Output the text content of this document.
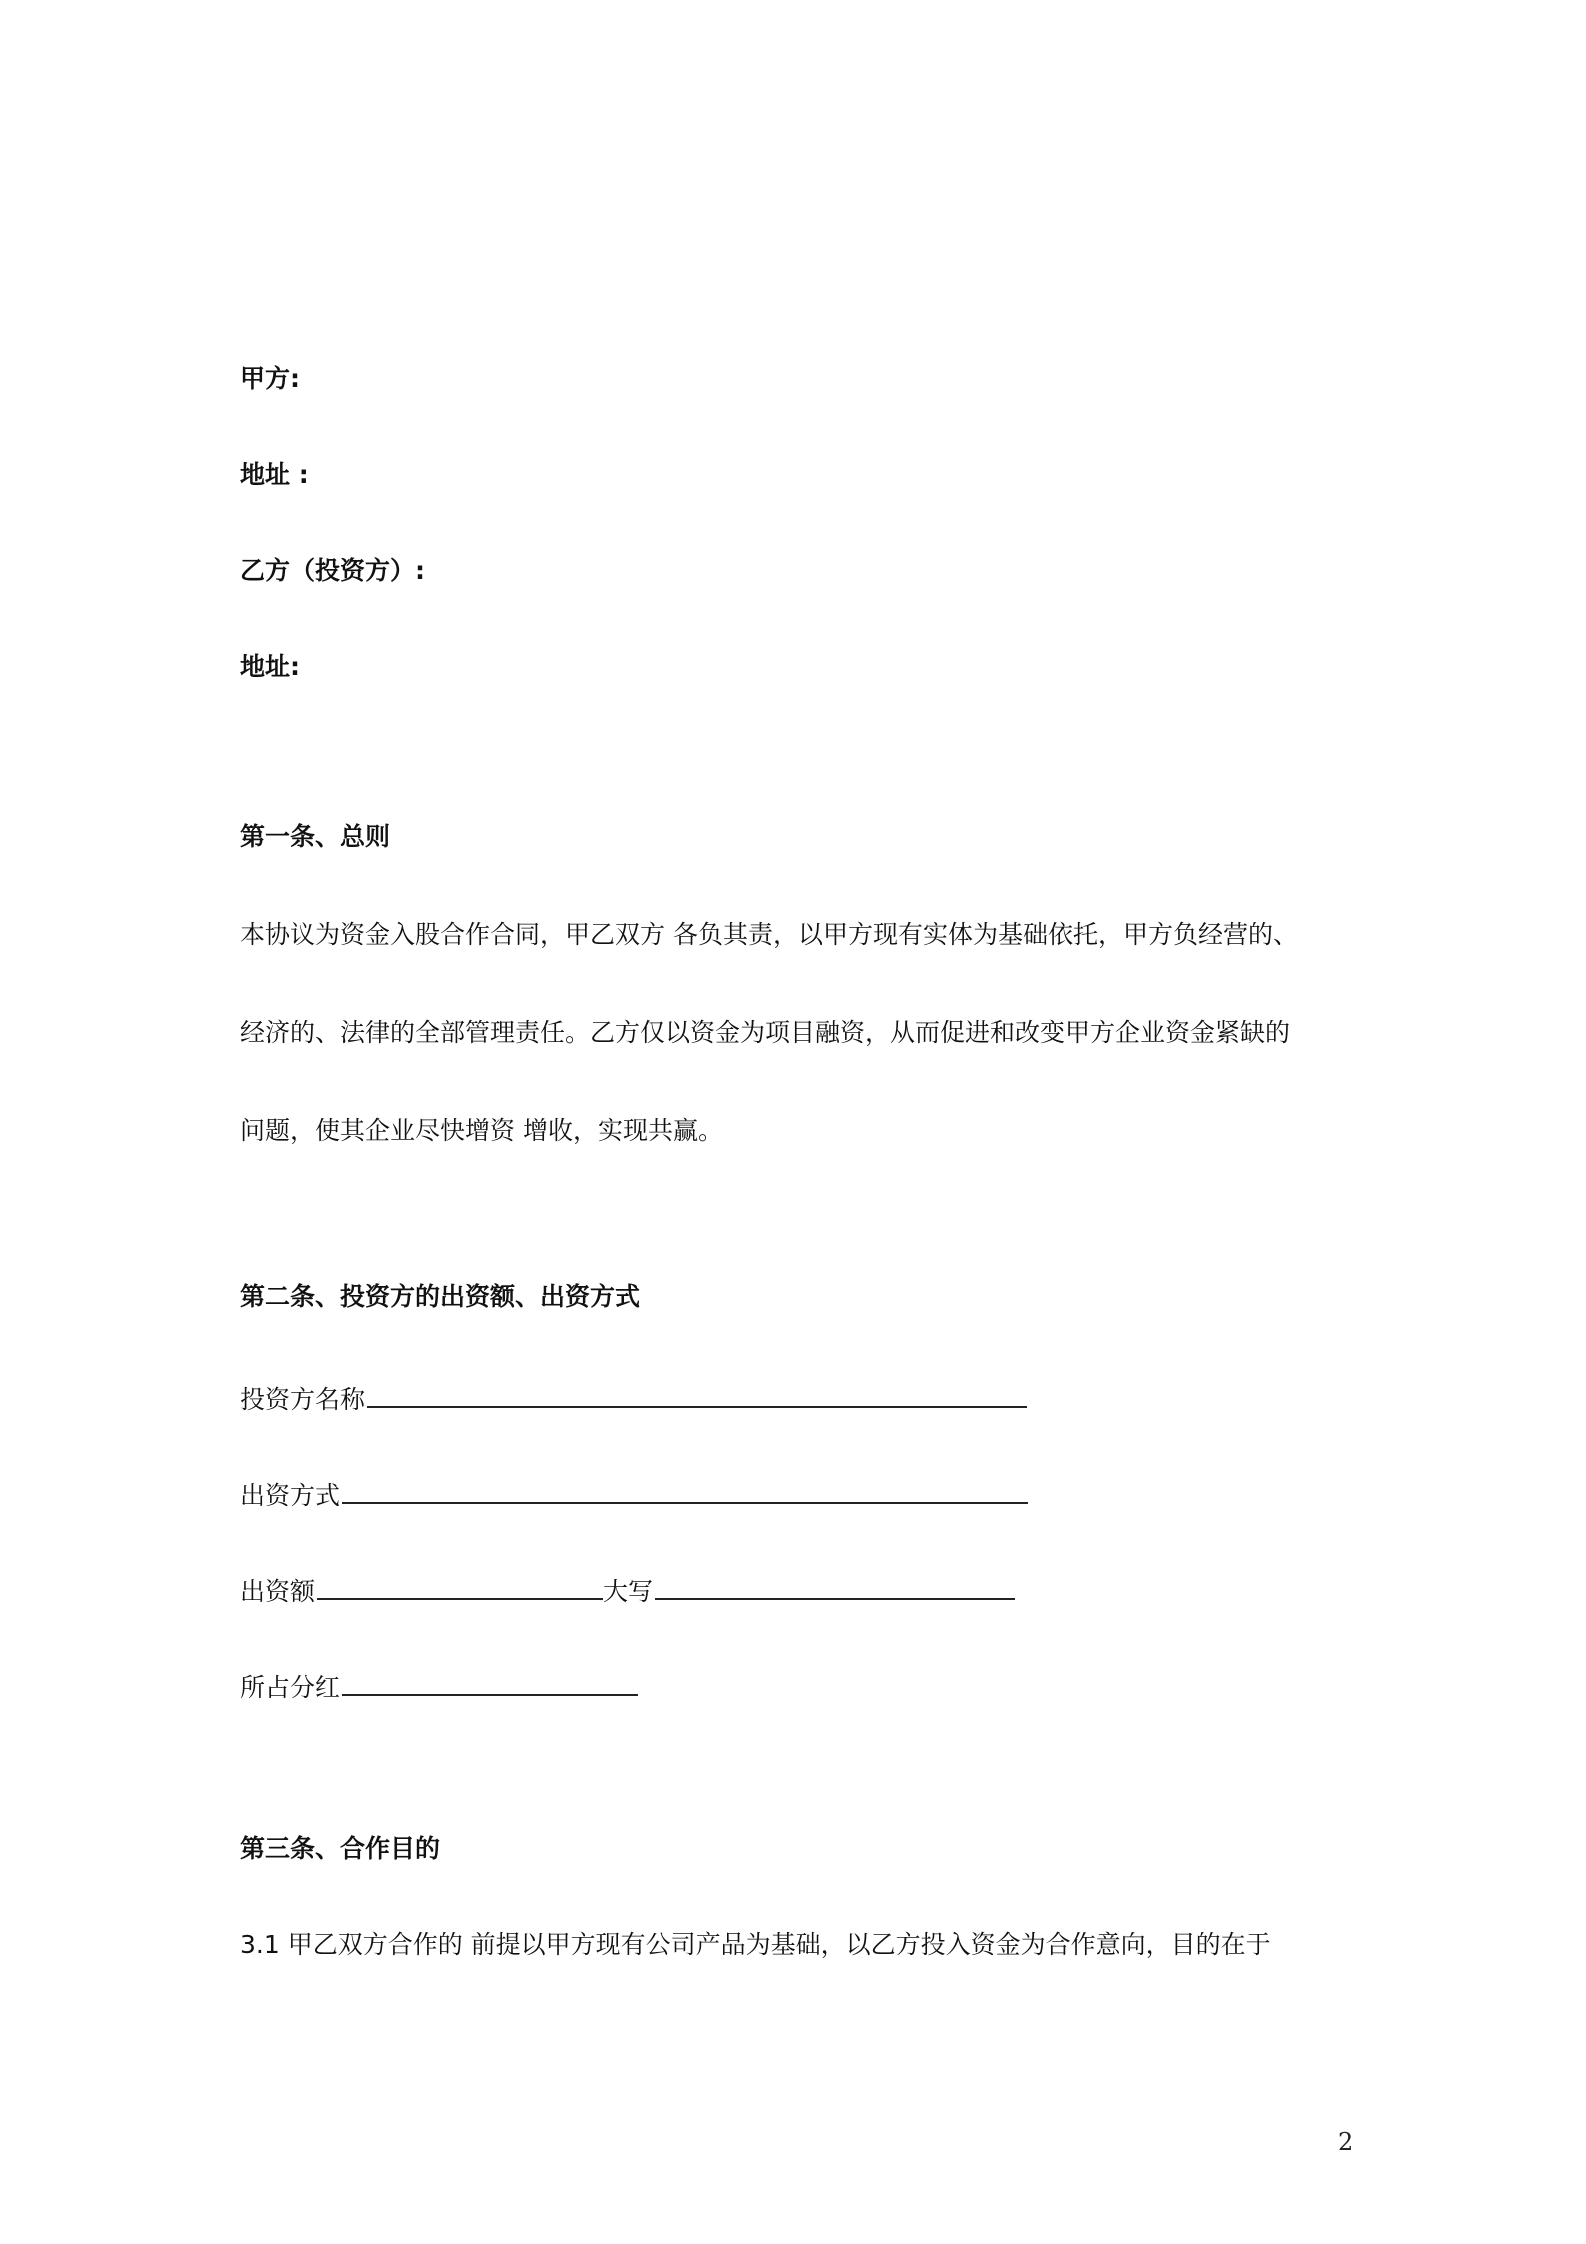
甲方:
地址 :
乙方（投资方）:
地址:
第一条、总则
本协议为资金入股合作合同，甲乙双方 各负其责，以甲方现有实体为基础依托，甲方负经营的、
经济的、法律的全部管理责任。乙方仅以资金为项目融资，从而促进和改变甲方企业资金紧缺的
问题，使其企业尽快增资 增收，实现共赢。
第二条、投资方的出资额、出资方式
投资方名称
出资方式
出资额	大写
所占分红
第三条、合作目的
3.1 甲乙双方合作的 前提以甲方现有公司产品为基础，以乙方投入资金为合作意向，目的在于
2
